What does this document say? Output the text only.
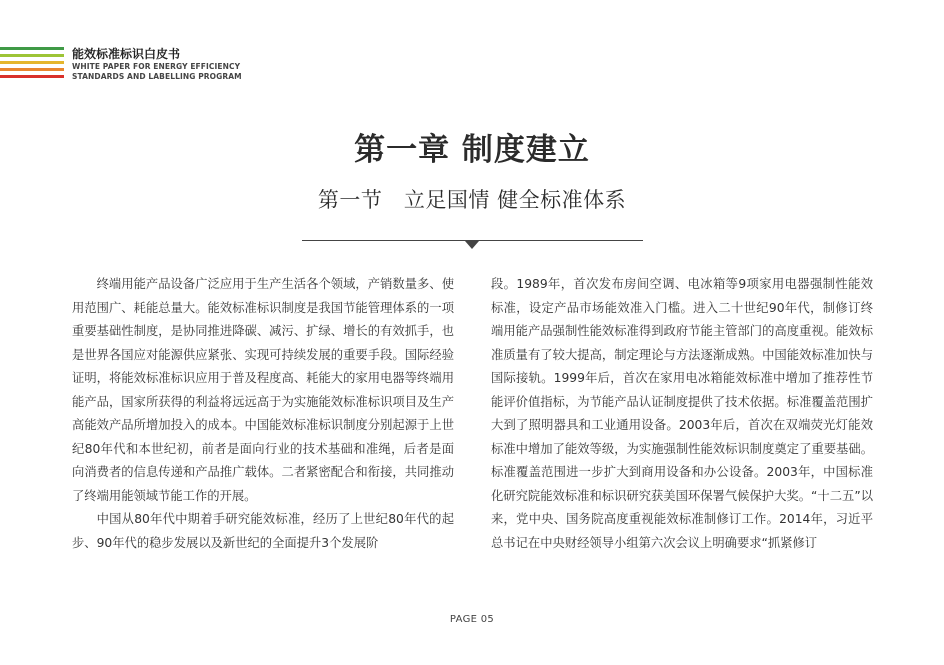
能效标准标识白皮书
WHITE PAPER FOR ENERGY EFFICIENCY
STANDARDS AND LABELLING PROGRAM
第一章 制度建立
第一节　立足国情 健全标准体系

终端用能产品设备广泛应用于生产生活各个领域，产销数量多、使用范围广、耗能总量大。能效标准标识制度是我国节能管理体系的一项重要基础性制度，是协同推进降碳、减污、扩绿、增长的有效抓手，也是世界各国应对能源供应紧张、实现可持续发展的重要手段。国际经验证明，将能效标准标识应用于普及程度高、耗能大的家用电器等终端用能产品，国家所获得的利益将远远高于为实施能效标准标识项目及生产高能效产品所增加投入的成本。中国能效标准标识制度分别起源于上世纪80年代和本世纪初，前者是面向行业的技术基础和准绳，后者是面向消费者的信息传递和产品推广载体。二者紧密配合和衔接，共同推动了终端用能领域节能工作的开展。

中国从80年代中期着手研究能效标准，经历了上世纪80年代的起步、90年代的稳步发展以及新世纪的全面提升3个发展阶

段。1989年，首次发布房间空调、电冰箱等9项家用电器强制性能效标准，设定产品市场能效准入门槛。进入二十世纪90年代，制修订终端用能产品强制性能效标准得到政府节能主管部门的高度重视。能效标准质量有了较大提高，制定理论与方法逐渐成熟。中国能效标准加快与国际接轨。1999年后，首次在家用电冰箱能效标准中增加了推荐性节能评价值指标，为节能产品认证制度提供了技术依据。标准覆盖范围扩大到了照明器具和工业通用设备。2003年后，首次在双端荧光灯能效标准中增加了能效等级，为实施强制性能效标识制度奠定了重要基础。标准覆盖范围进一步扩大到商用设备和办公设备。2003年，中国标准化研究院能效标准和标识研究获美国环保署气候保护大奖。“十二五”以来，党中央、国务院高度重视能效标准制修订工作。2014年，习近平总书记在中央财经领导小组第六次会议上明确要求“抓紧修订

PAGE 05
